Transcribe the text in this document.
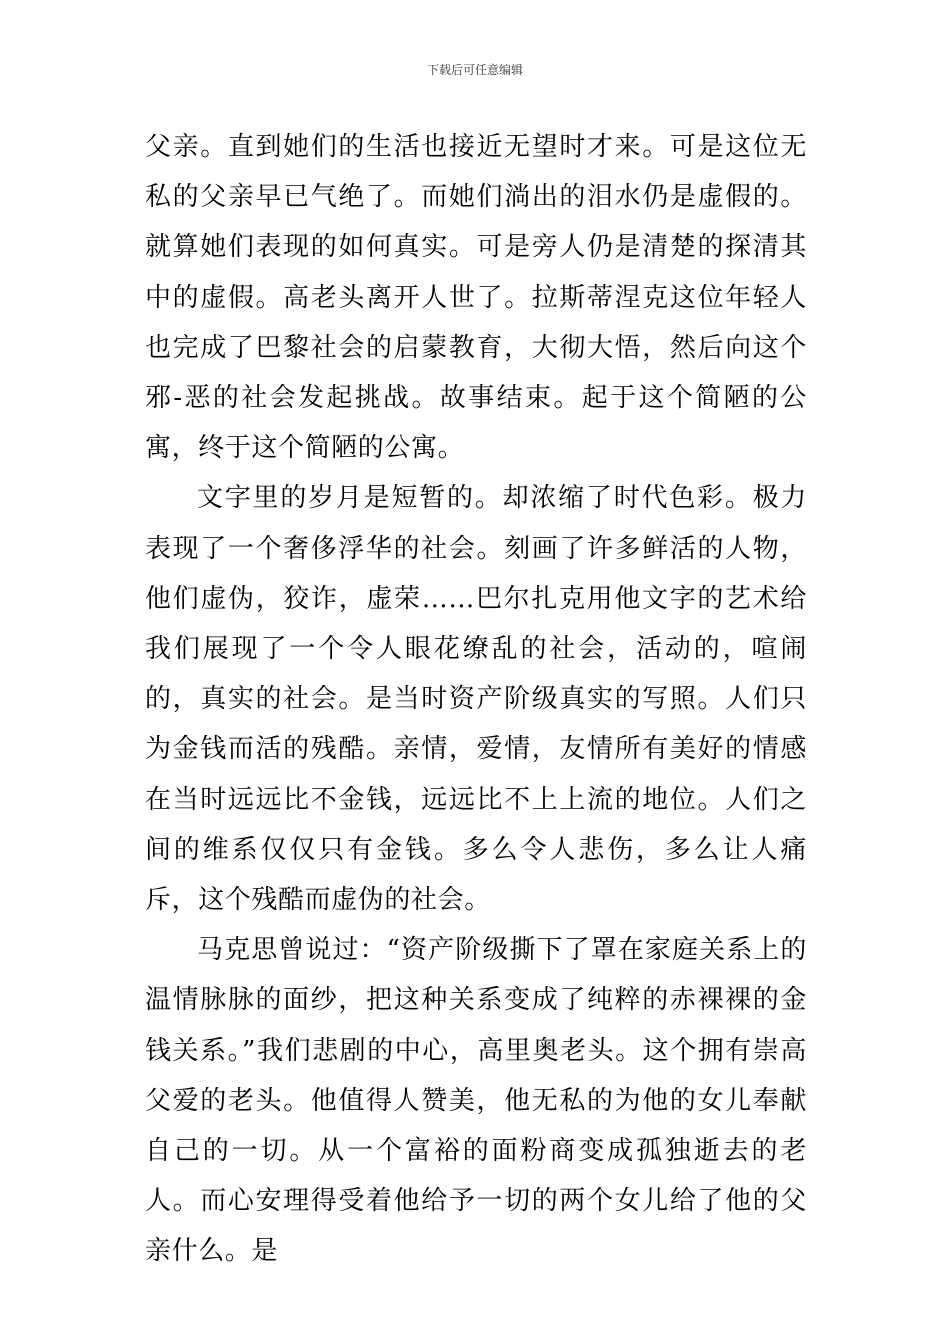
下载后可任意编辑

父亲。直到她们的生活也接近无望时才来。可是这位无私的父亲早已气绝了。而她们淌出的泪水仍是虚假的。就算她们表现的如何真实。可是旁人仍是清楚的探清其中的虚假。高老头离开人世了。拉斯蒂涅克这位年轻人也完成了巴黎社会的启蒙教育，大彻大悟，然后向这个邪-恶的社会发起挑战。故事结束。起于这个简陋的公寓，终于这个简陋的公寓。

文字里的岁月是短暂的。却浓缩了时代色彩。极力表现了一个奢侈浮华的社会。刻画了许多鲜活的人物，他们虚伪，狡诈，虚荣……巴尔扎克用他文字的艺术给我们展现了一个令人眼花缭乱的社会，活动的，喧闹的，真实的社会。是当时资产阶级真实的写照。人们只为金钱而活的残酷。亲情，爱情，友情所有美好的情感在当时远远比不金钱，远远比不上上流的地位。人们之间的维系仅仅只有金钱。多么令人悲伤，多么让人痛斥，这个残酷而虚伪的社会。

马克思曾说过：“资产阶级撕下了罩在家庭关系上的温情脉脉的面纱，把这种关系变成了纯粹的赤裸裸的金钱关系。”我们悲剧的中心，高里奥老头。这个拥有崇高父爱的老头。他值得人赞美，他无私的为他的女儿奉献自己的一切。从一个富裕的面粉商变成孤独逝去的老人。而心安理得受着他给予一切的两个女儿给了他的父亲什么。是
